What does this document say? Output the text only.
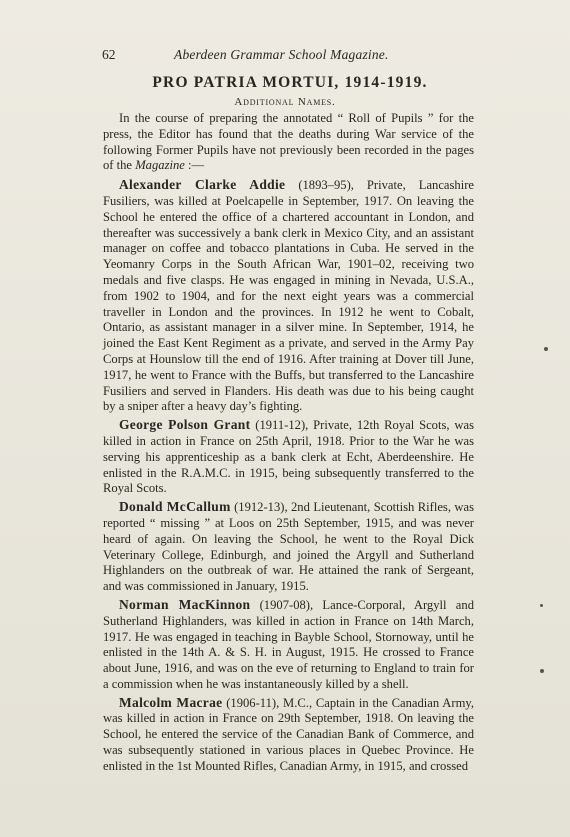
62	Aberdeen Grammar School Magazine.
PRO PATRIA MORTUI, 1914-1919.
Additional Names.

In the course of preparing the annotated “ Roll of Pupils ” for the press, the Editor has found that the deaths during War service of the following Former Pupils have not previously been recorded in the pages of the Magazine :—

Alexander Clarke Addie (1893–95), Private, Lancashire Fusiliers, was killed at Poelcapelle in September, 1917. On leaving the School he entered the office of a chartered accountant in London, and thereafter was successively a bank clerk in Mexico City, and an assistant manager on coffee and tobacco plantations in Cuba. He served in the Yeomanry Corps in the South African War, 1901–02, receiving two medals and five clasps. He was engaged in mining in Nevada, U.S.A., from 1902 to 1904, and for the next eight years was a commercial traveller in London and the provinces. In 1912 he went to Cobalt, Ontario, as assistant manager in a silver mine. In September, 1914, he joined the East Kent Regiment as a private, and served in the Army Pay Corps at Hounslow till the end of 1916. After training at Dover till June, 1917, he went to France with the Buffs, but transferred to the Lancashire Fusiliers and served in Flanders. His death was due to his being caught by a sniper after a heavy day’s fighting.

George Polson Grant (1911-12), Private, 12th Royal Scots, was killed in action in France on 25th April, 1918. Prior to the War he was serving his apprenticeship as a bank clerk at Echt, Aberdeenshire. He enlisted in the R.A.M.C. in 1915, being subsequently transferred to the Royal Scots.

Donald McCallum (1912-13), 2nd Lieutenant, Scottish Rifles, was reported “ missing ” at Loos on 25th September, 1915, and was never heard of again. On leaving the School, he went to the Royal Dick Veterinary College, Edinburgh, and joined the Argyll and Sutherland Highlanders on the outbreak of war. He attained the rank of Sergeant, and was commissioned in January, 1915.

Norman MacKinnon (1907-08), Lance-Corporal, Argyll and Sutherland Highlanders, was killed in action in France on 14th March, 1917. He was engaged in teaching in Bayble School, Stornoway, until he enlisted in the 14th A. & S. H. in August, 1915. He crossed to France about June, 1916, and was on the eve of returning to England to train for a commission when he was instantaneously killed by a shell.

Malcolm Macrae (1906-11), M.C., Captain in the Canadian Army, was killed in action in France on 29th September, 1918. On leaving the School, he entered the service of the Canadian Bank of Commerce, and was subsequently stationed in various places in Quebec Province. He enlisted in the 1st Mounted Rifles, Canadian Army, in 1915, and crossed
